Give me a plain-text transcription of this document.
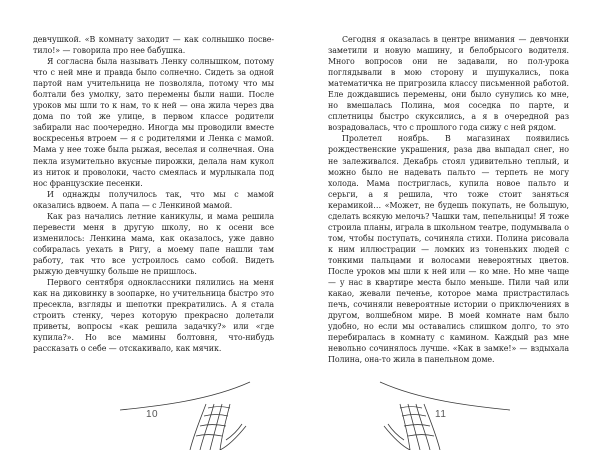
девчушкой. «В комнату заходит — как солнышко посве-тило!» — говорила про нее бабушка.

Я согласна была называть Ленку солнышком, потому что с ней мне и правда было солнечно. Сидеть за одной партой нам учительница не позволяла, потому что мы болтали без умолку, зато перемены были наши. После уроков мы шли то к нам, то к ней — она жила через два дома по той же улице, в первом классе родители забирали нас поочередно. Иногда мы проводили вместе воскресенья втроем — я с родителями и Ленка с мамой. Мама у нее тоже была рыжая, веселая и солнечная. Она пекла изумительно вкусные пирожки, делала нам кукол из ниток и проволоки, часто смеялась и мурлыкала под нос французские песенки.

И однажды получилось так, что мы с мамой оказались вдвоем. А папа — с Ленкиной мамой.

Как раз начались летние каникулы, и мама решила перевести меня в другую школу, но к осени все изменилось: Ленкина мама, как оказалось, уже давно собиралась уехать в Ригу, а моему папе нашли там работу, так что все устроилось само собой. Видеть рыжую девчушку больше не пришлось.

Первого сентября одноклассники пялились на меня как на диковинку в зоопарке, но учительница быстро это пресекла, взгляды и шепотки прекратились. А я стала строить стенку, через которую прекрасно долетали приветы, вопросы «как решила задачку?» или «где купила?». Но все мамины болтовня, что-нибудь рассказать о себе — отскакивало, как мячик.

10

Сегодня я оказалась в центре внимания — девчонки заметили и новую машину, и белобрысого водителя. Много вопросов они не задавали, но пол-урока поглядывали в мою сторону и шушукались, пока математичка не пригрозила классу письменной работой. Еле дождавшись перемены, они было сунулись ко мне, но вмешалась Полина, моя соседка по парте, и сплетницы быстро скуксились, а я в очередной раз возрадовалась, что с прошлого года сижу с ней рядом.

Пролетел ноябрь. В магазинах появились рождественские украшения, раза два выпадал снег, но не залеживался. Декабрь стоял удивительно теплый, и можно было не надевать пальто — терпеть не могу холода. Мама постриглась, купила новое пальто и серьги, а я решила, что тоже стоит заняться керамикой… «Может, не будешь покупать, не большую, сделать всякую мелочь? Чашки там, пепельницы! Я тоже строила планы, играла в школьном театре, подумывала о том, чтобы поступать, сочиняла стихи. Полина рисовала к ним иллюстрации — ломких из тоненьких людей с тонкими пальцами и волосами невероятных цветов. После уроков мы шли к ней или — ко мне. Но мне чаще — у нас в квартире места было меньше. Пили чай или какао, жевали печенье, которое мама пристрастилась печь, сочиняли невероятные истории о приключениях в другом, волшебном мире. В моей комнате нам было удобно, но если мы оставались слишком долго, то это перебиралась в комнату с камином. Каждый раз мне невольно сочинялось лучше. «Как в замке!» — вздыхала Полина, она-то жила в панельном доме.

11
